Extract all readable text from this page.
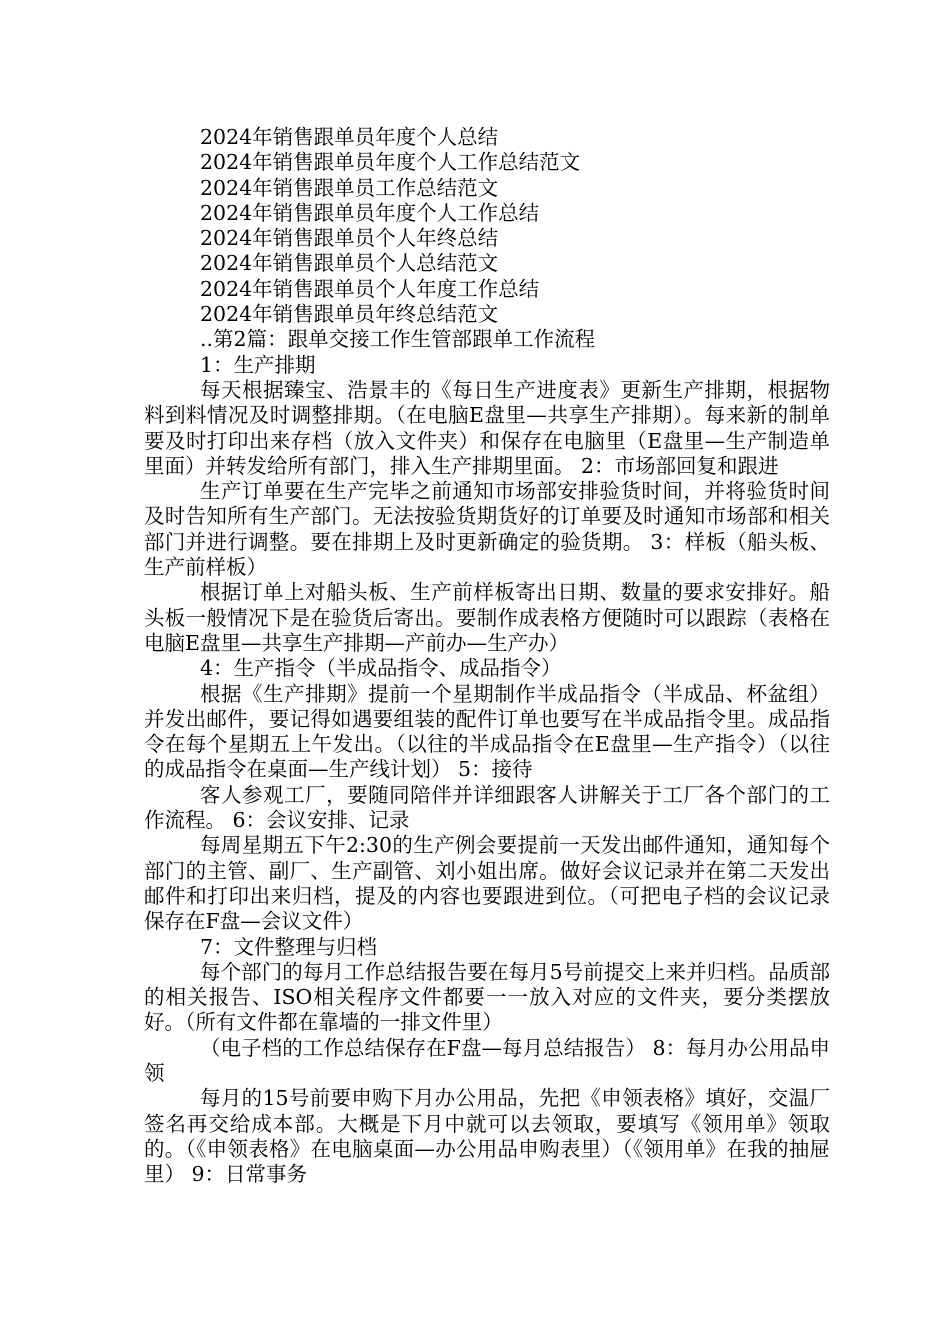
2024年销售跟单员年度个人总结

2024年销售跟单员年度个人工作总结范文

2024年销售跟单员工作总结范文

2024年销售跟单员年度个人工作总结

2024年销售跟单员个人年终总结

2024年销售跟单员个人总结范文

2024年销售跟单员个人年度工作总结

2024年销售跟单员年终总结范文

..第2篇：跟单交接工作生管部跟单工作流程

1：生产排期

每天根据臻宝、浩景丰的《每日生产进度表》更新生产排期，根据物料到料情况及时调整排期。（在电脑E盘里—共享生产排期）。每来新的制单要及时打印出来存档（放入文件夹）和保存在电脑里（E盘里—生产制造单里面）并转发给所有部门，排入生产排期里面。 2：市场部回复和跟进

生产订单要在生产完毕之前通知市场部安排验货时间，并将验货时间及时告知所有生产部门。无法按验货期货好的订单要及时通知市场部和相关部门并进行调整。要在排期上及时更新确定的验货期。 3：样板（船头板、生产前样板）

根据订单上对船头板、生产前样板寄出日期、数量的要求安排好。船头板一般情况下是在验货后寄出。要制作成表格方便随时可以跟踪（表格在电脑E盘里—共享生产排期—产前办—生产办）

4：生产指令（半成品指令、成品指令）

根据《生产排期》提前一个星期制作半成品指令（半成品、杯盆组）并发出邮件，要记得如遇要组装的配件订单也要写在半成品指令里。成品指令在每个星期五上午发出。（以往的半成品指令在E盘里—生产指令）（以往的成品指令在桌面—生产线计划） 5：接待

客人参观工厂，要随同陪伴并详细跟客人讲解关于工厂各个部门的工作流程。 6：会议安排、记录

每周星期五下午2:30的生产例会要提前一天发出邮件通知，通知每个部门的主管、副厂、生产副管、刘小姐出席。做好会议记录并在第二天发出邮件和打印出来归档，提及的内容也要跟进到位。（可把电子档的会议记录保存在F盘—会议文件）

7：文件整理与归档

每个部门的每月工作总结报告要在每月5号前提交上来并归档。品质部的相关报告、ISO相关程序文件都要一一放入对应的文件夹，要分类摆放好。（所有文件都在靠墙的一排文件里）

（电子档的工作总结保存在F盘—每月总结报告） 8：每月办公用品申领

每月的15号前要申购下月办公用品，先把《申领表格》填好，交温厂签名再交给成本部。大概是下月中就可以去领取，要填写《领用单》领取的。（《申领表格》在电脑桌面—办公用品申购表里）（《领用单》在我的抽屉里） 9：日常事务
